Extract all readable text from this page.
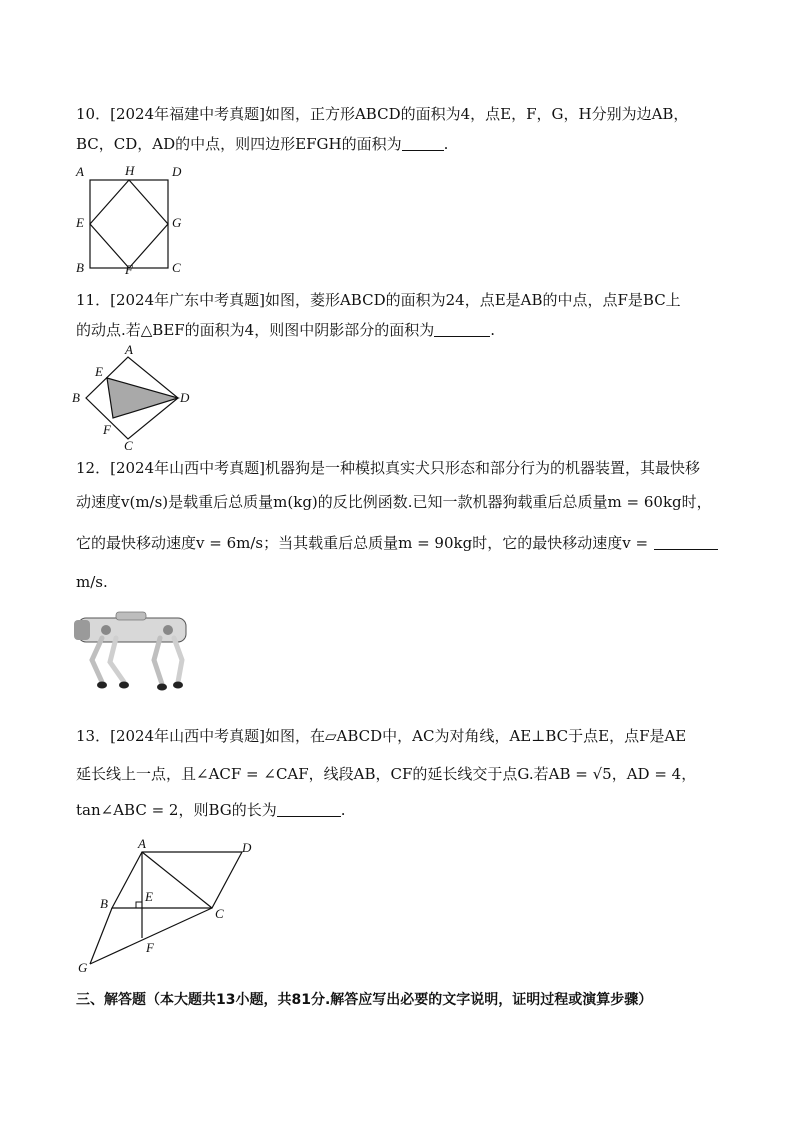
10．[2024年福建中考真题]如图，正方形ABCD的面积为4，点E，F，G，H分别为边AB，
BC，CD，AD的中点，则四边形EFGH的面积为	.
A	H	D
E	G
B	F	C
11．[2024年广东中考真题]如图，菱形ABCD的面积为24，点E是AB的中点，点F是BC上
的动点.若△BEF的面积为4，则图中阴影部分的面积为	.
A
E
B	D
F
C
12．[2024年山西中考真题]机器狗是一种模拟真实犬只形态和部分行为的机器装置，其最快移
动速度v(m/s)是载重后总质量m(kg)的反比例函数.已知一款机器狗载重后总质量m = 60kg时，
它的最快移动速度v = 6m/s；当其载重后总质量m = 90kg时，它的最快移动速度v =
m/s.
13．[2024年山西中考真题]如图，在▱ABCD中，AC为对角线，AE⊥BC于点E，点F是AE
延长线上一点，且∠ACF = ∠CAF，线段AB，CF的延长线交于点G.若AB = √5，AD = 4，
tan∠ABC = 2，则BG的长为	.
A	D
B	E
C
F
G
三、解答题（本大题共13小题，共81分.解答应写出必要的文字说明，证明过程或演算步骤）
